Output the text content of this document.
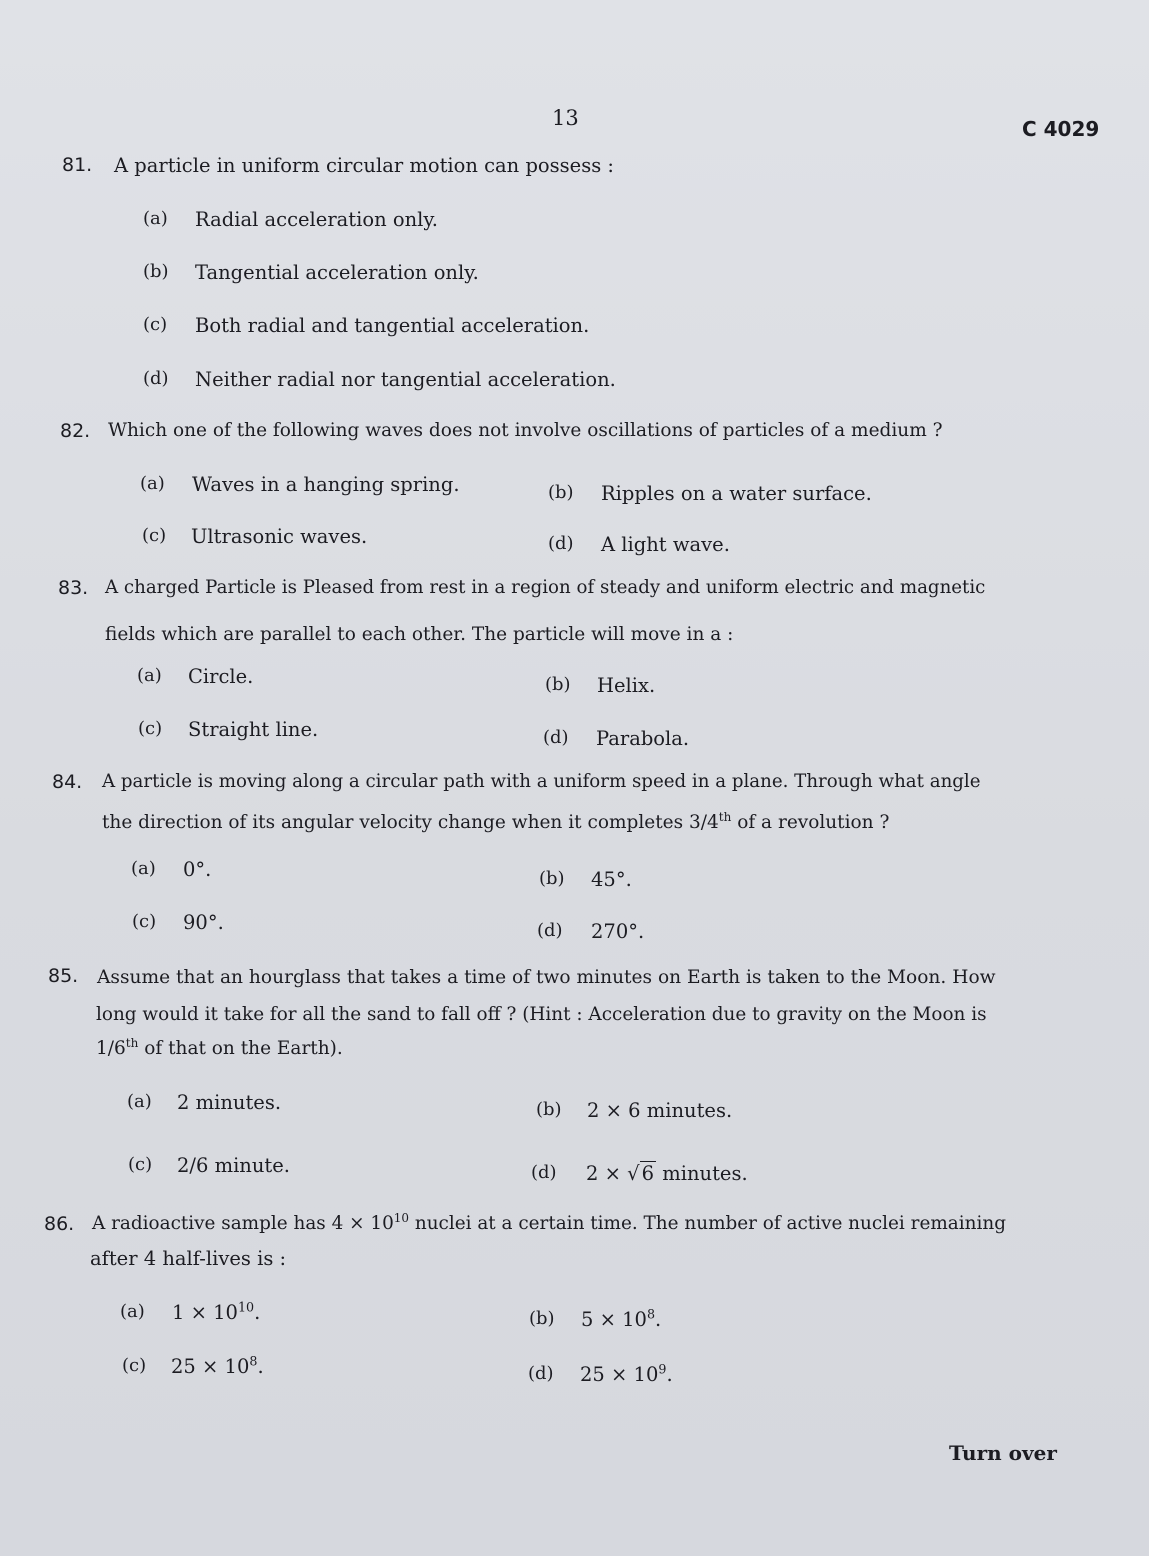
13	C 4029
81. A particle in uniform circular motion can possess :
(a) Radial acceleration only.
(b) Tangential acceleration only.
(c) Both radial and tangential acceleration.
(d) Neither radial nor tangential acceleration.
82. Which one of the following waves does not involve oscillations of particles of a medium ?
(a) Waves in a hanging spring.	(b) Ripples on a water surface.
(c) Ultrasonic waves.	(d) A light wave.
83. A charged Particle is Pleased from rest in a region of steady and uniform electric and magnetic
fields which are parallel to each other. The particle will move in a :
(a) Circle.	(b) Helix.
(c) Straight line.	(d) Parabola.
84. A particle is moving along a circular path with a uniform speed in a plane. Through what angle
the direction of its angular velocity change when it completes 3/4th of a revolution ?
(a) 0°.	(b) 45°.
(c) 90°.	(d) 270°.
85. Assume that an hourglass that takes a time of two minutes on Earth is taken to the Moon. How
long would it take for all the sand to fall off ? (Hint : Acceleration due to gravity on the Moon is
1/6th of that on the Earth).
(a) 2 minutes.	(b) 2 × 6 minutes.
(c) 2/6 minute.	(d) 2 × √ 6 minutes.
86. A radioactive sample has $4 \times 10^{10}$ nuclei at a certain time. The number of active nuclei remaining
after 4 half-lives is :
(a) $1 \times 10^{10}$.	(b) $5 \times 10^8$.
(c) $25 \times 10^8$.	(d) $25 \times 10^9$.
Turn over
